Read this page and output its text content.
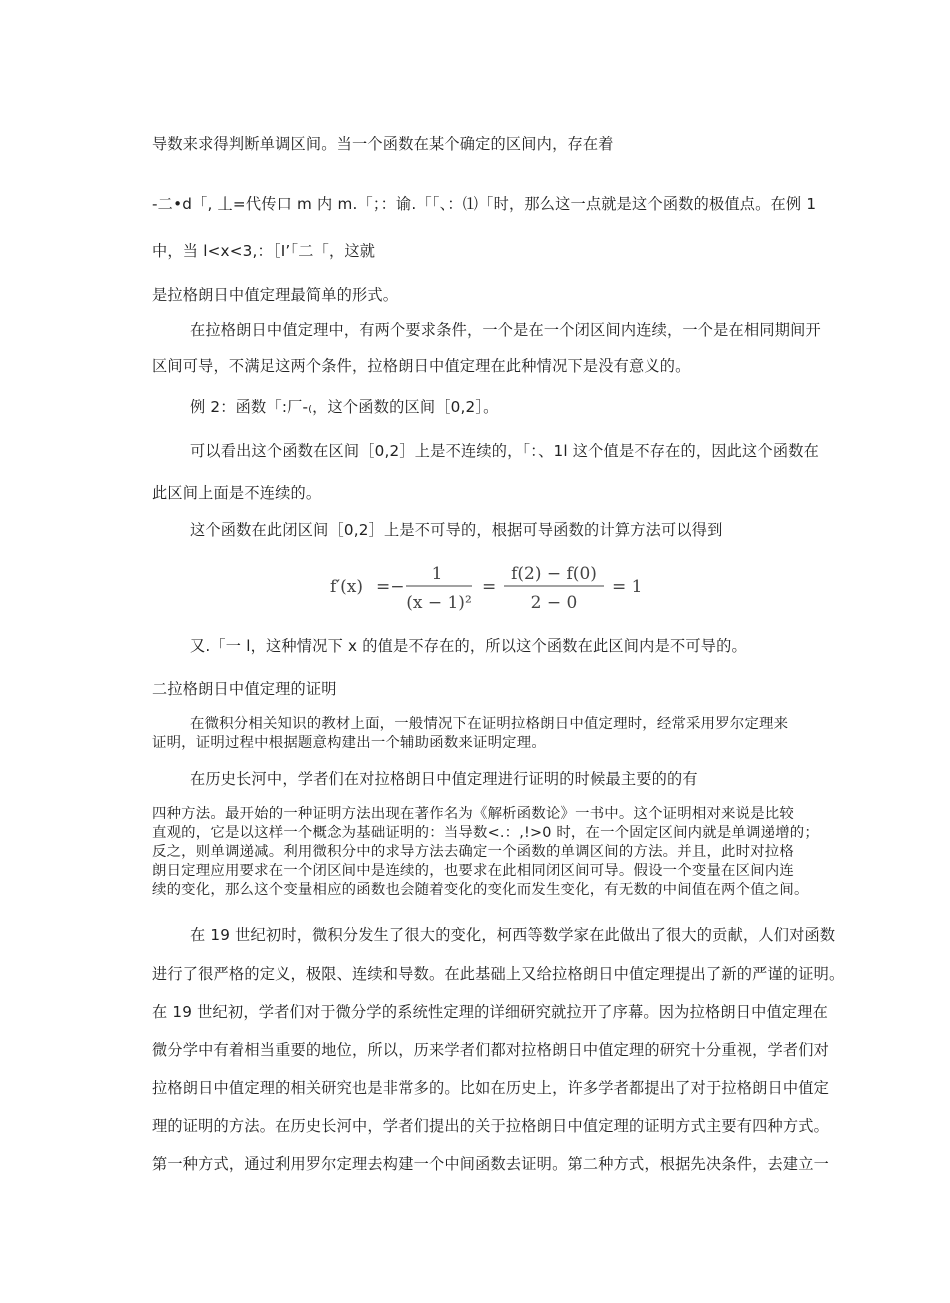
导数来求得判断单调区间。当一个函数在某个确定的区间内，存在着

-二•d「, 丄=代传口 m 内 m.「；：谕.「「、：⑴「时，那么这一点就是这个函数的极值点。在例 1

中，当 l<x<3,：［I’「二「，这就

是拉格朗日中值定理最简单的形式。

在拉格朗日中值定理中，有两个要求条件，一个是在一个闭区间内连续，一个是在相同期间开

区间可导，不满足这两个条件，拉格朗日中值定理在此种情况下是没有意义的。

例 2：函数「:厂-₍，这个函数的区间［0,2］。

可以看出这个函数在区间［0,2］上是不连续的，「：、1l 这个值是不存在的，因此这个函数在

此区间上面是不连续的。

这个函数在此闭区间［0,2］上是不可导的，根据可导函数的计算方法可以得到

f′(x) =−
1
(x − 1)²
=
f(2) − f(0)
2 − 0
= 1

又.「一 l，这种情况下 x 的值是不存在的，所以这个函数在此区间内是不可导的。

二拉格朗日中值定理的证明

在微积分相关知识的教材上面，一般情况下在证明拉格朗日中值定理时，经常采用罗尔定理来

证明，证明过程中根据题意构建出一个辅助函数来证明定理。

在历史长河中，学者们在对拉格朗日中值定理进行证明的时候最主要的的有

四种方法。最开始的一种证明方法出现在著作名为《解析函数论》一书中。这个证明相对来说是比较

直观的，它是以这样一个概念为基础证明的：当导数<.：,!>0 时，在一个固定区间内就是单调递增的；

反之，则单调递减。利用微积分中的求导方法去确定一个函数的单调区间的方法。并且，此时对拉格

朗日定理应用要求在一个闭区间中是连续的，也要求在此相同闭区间可导。假设一个变量在区间内连

续的变化，那么这个变量相应的函数也会随着变化的变化而发生变化，有无数的中间值在两个值之间。

在 19 世纪初时，微积分发生了很大的变化，柯西等数学家在此做出了很大的贡献，人们对函数

进行了很严格的定义，极限、连续和导数。在此基础上又给拉格朗日中值定理提出了新的严谨的证明。

在 19 世纪初，学者们对于微分学的系统性定理的详细研究就拉开了序幕。因为拉格朗日中值定理在

微分学中有着相当重要的地位，所以，历来学者们都对拉格朗日中值定理的研究十分重视，学者们对

拉格朗日中值定理的相关研究也是非常多的。比如在历史上，许多学者都提出了对于拉格朗日中值定

理的证明的方法。在历史长河中，学者们提出的关于拉格朗日中值定理的证明方式主要有四种方式。

第一种方式，通过利用罗尔定理去构建一个中间函数去证明。第二种方式，根据先决条件，去建立一
